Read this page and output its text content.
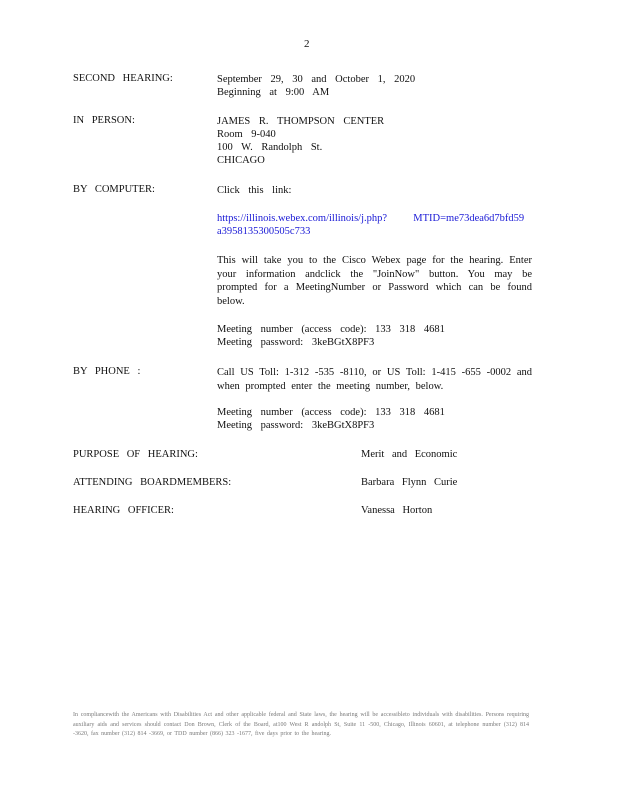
2
SECOND HEARING:	September 29, 30 and October 1, 2020
Beginning at 9:00 AM
IN PERSON:	JAMES R. THOMPSON CENTER
Room 9-040
100 W. Randolph St.
CHICAGO
BY COMPUTER:	Click this link:
https://illinois.webex.com/illinois/j.php?          MTID=me73dea6d7bfd59
a3958135300505c733
This will take you to the Cisco Webex page for the hearing. Enter your information andclick the "JoinNow" button. You may be prompted for a MeetingNumber or Password which can be found below.
Meeting number (access code): 133 318 4681
Meeting password: 3keBGtX8PF3
BY PHONE :	Call US Toll: 1-312 -535 -8110, or US Toll: 1-415 -655 -0002 and when prompted enter the meeting number, below.
Meeting number (access code): 133 318 4681
Meeting password: 3keBGtX8PF3
PURPOSE OF HEARING:	Merit and Economic
ATTENDING BOARDMEMBERS:	Barbara Flynn Curie
HEARING OFFICER:	Vanessa Horton
In compliancewith the Americans with Disabilities Act and other applicable federal and State laws, the hearing will be accessibleto individuals with disabilities. Persons requiring auxiliary aids and services should contact Don Brown, Clerk of the Board, at100 West R andolph St, Suite 11 -500, Chicago, Illinois 60601, at telephone number (312) 814 -3620, fax number (312) 814 -3669, or TDD number (866) 323 -1677, five days prior to the hearing.
